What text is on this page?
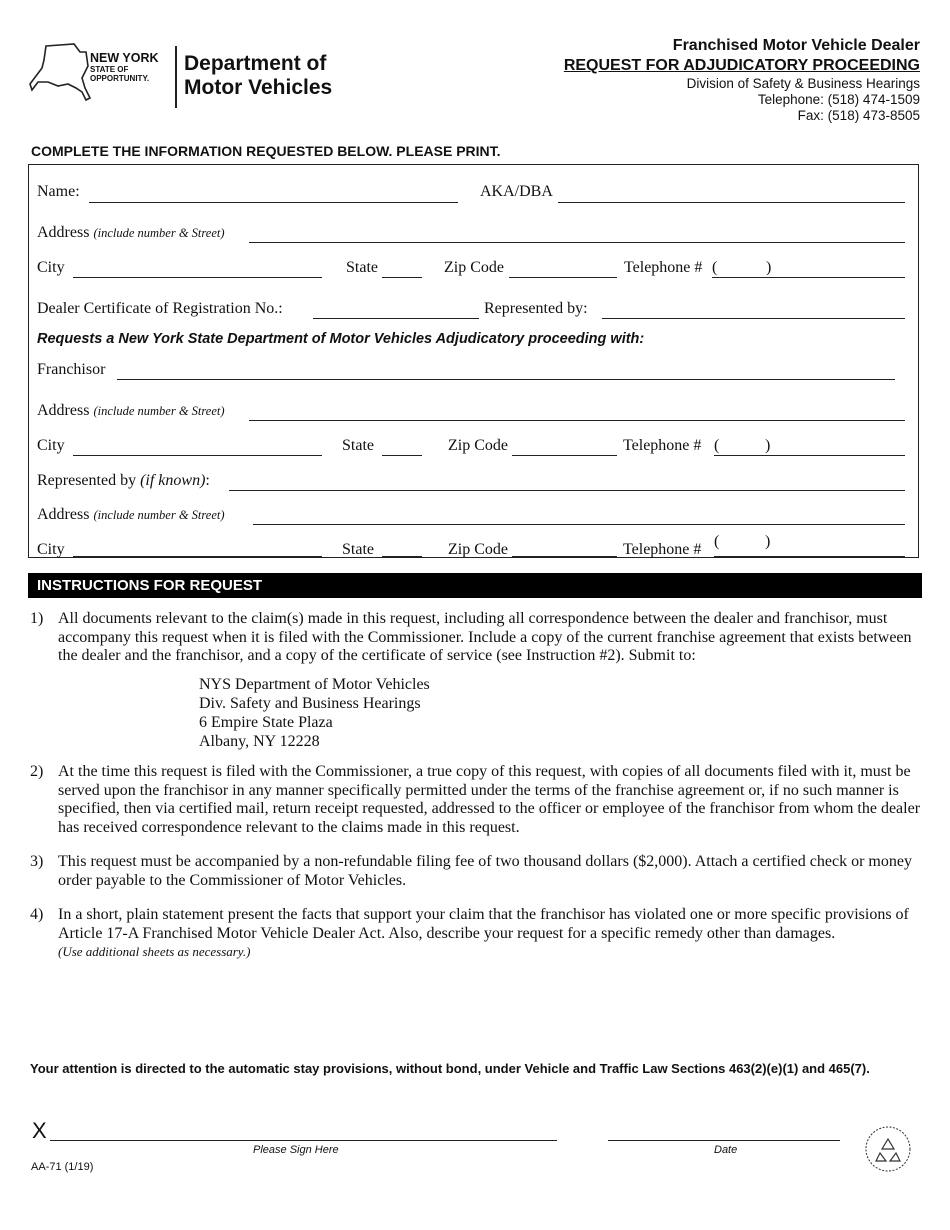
NEW YORK
STATE OF
OPPORTUNITY.
Department of
Motor Vehicles
Franchised Motor Vehicle Dealer
REQUEST FOR ADJUDICATORY PROCEEDING
Division of Safety & Business Hearings
Telephone: (518) 474-1509
Fax: (518) 473-8505
COMPLETE THE INFORMATION REQUESTED BELOW. PLEASE PRINT.
Name:	AKA/DBA
Address (include number & Street)
City	State	Zip Code	Telephone # (	)
Dealer Certificate of Registration No.:	Represented by:
Requests a New York State Department of Motor Vehicles Adjudicatory proceeding with:
Franchisor
Address (include number & Street)
City	State	Zip Code	Telephone # (	)
Represented by (if known):
Address (include number & Street)
City	State	Zip Code	Telephone # (	)
INSTRUCTIONS FOR REQUEST
1) All documents relevant to the claim(s) made in this request, including all correspondence between the dealer and franchisor, must accompany this request when it is filed with the Commissioner. Include a copy of the current franchise agreement that exists between the dealer and the franchisor, and a copy of the certificate of service (see Instruction #2). Submit to:
NYS Department of Motor Vehicles
Div. Safety and Business Hearings
6 Empire State Plaza
Albany, NY 12228
2) At the time this request is filed with the Commissioner, a true copy of this request, with copies of all documents filed with it, must be served upon the franchisor in any manner specifically permitted under the terms of the franchise agreement or, if no such manner is specified, then via certified mail, return receipt requested, addressed to the officer or employee of the franchisor from whom the dealer has received correspondence relevant to the claims made in this request.
3) This request must be accompanied by a non-refundable filing fee of two thousand dollars ($2,000). Attach a certified check or money order payable to the Commissioner of Motor Vehicles.
4) In a short, plain statement present the facts that support your claim that the franchisor has violated one or more specific provisions of Article 17-A Franchised Motor Vehicle Dealer Act. Also, describe your request for a specific remedy other than damages.
(Use additional sheets as necessary.)
Your attention is directed to the automatic stay provisions, without bond, under Vehicle and Traffic Law Sections 463(2)(e)(1) and 465(7).
X
Please Sign Here	Date
AA-71 (1/19)
